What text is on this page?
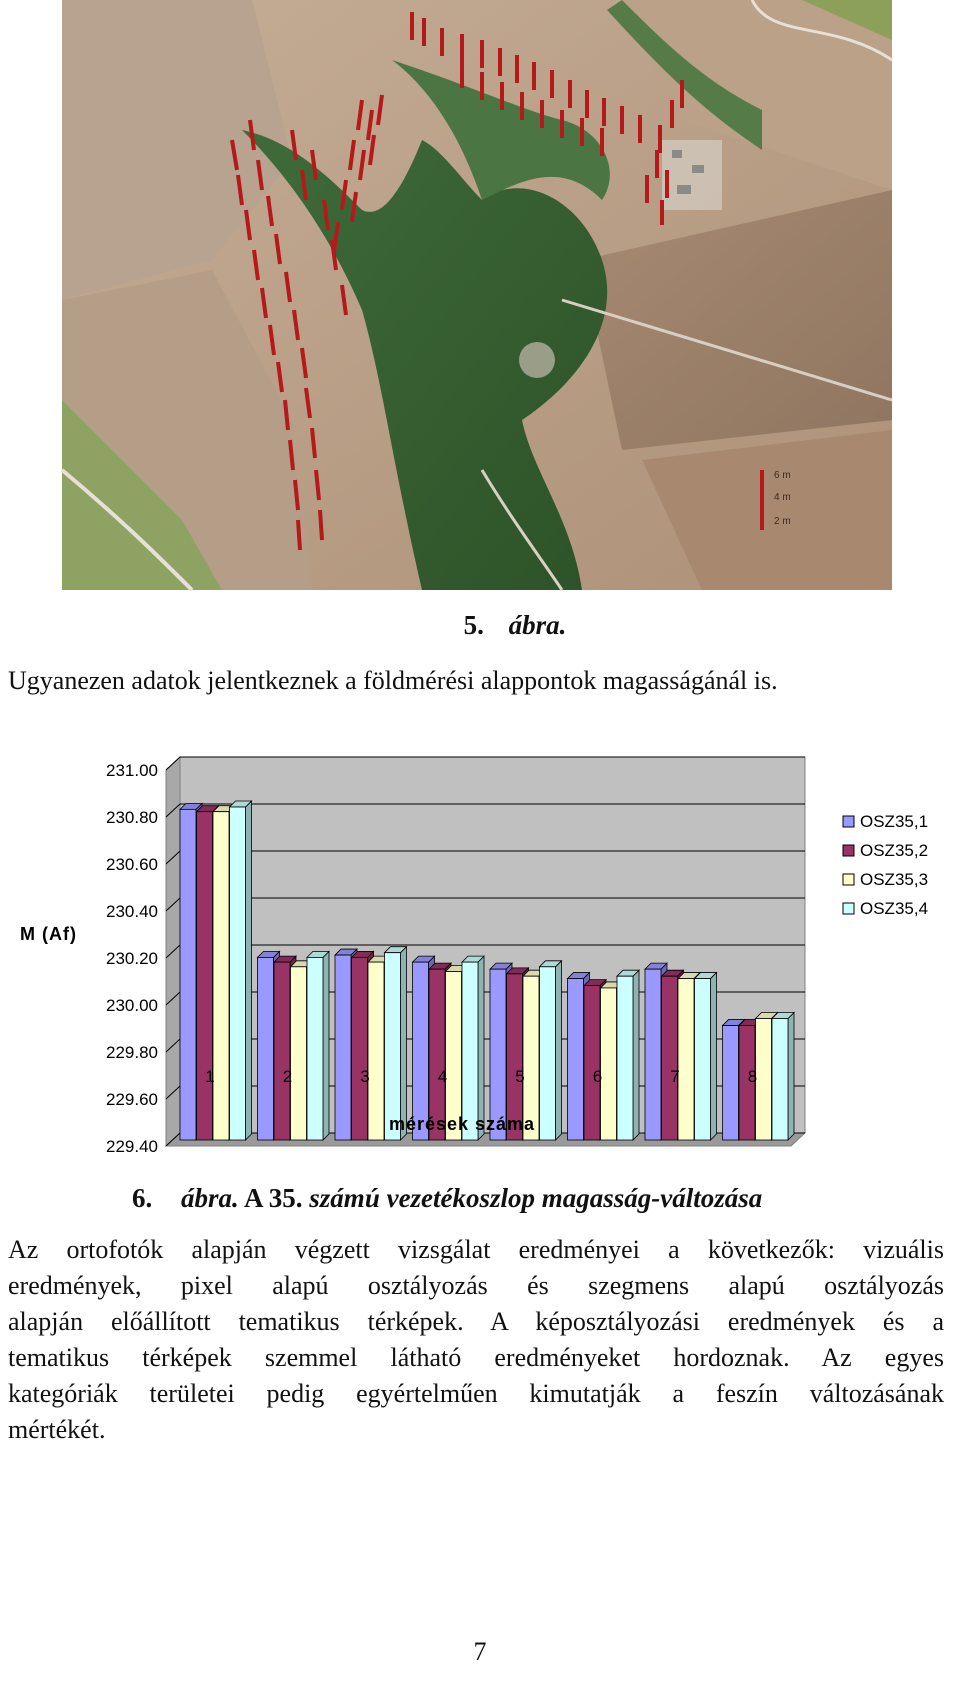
6 m
4 m
2 m
5. ábra.
Ugyanezen adatok jelentkeznek a földmérési alappontok magasságánál is.
231.00
230.80
230.60
230.40
230.20
230.00
229.80
229.60
229.40
1	2	3	4	5	6	7	8
M (Af)
mérések száma
OSZ35,1
OSZ35,2
OSZ35,3
OSZ35,4
6. ábra. A 35. számú vezetékoszlop magasság-változása
Az ortofotók alapján végzett vizsgálat eredményei a következők: vizuális
eredmények, pixel alapú osztályozás és szegmens alapú osztályozás
alapján előállított tematikus térképek. A képosztályozási eredmények és a
tematikus térképek szemmel látható eredményeket hordoznak. Az egyes
kategóriák területei pedig egyértelműen kimutatják a feszín változásának
mértékét.
7
